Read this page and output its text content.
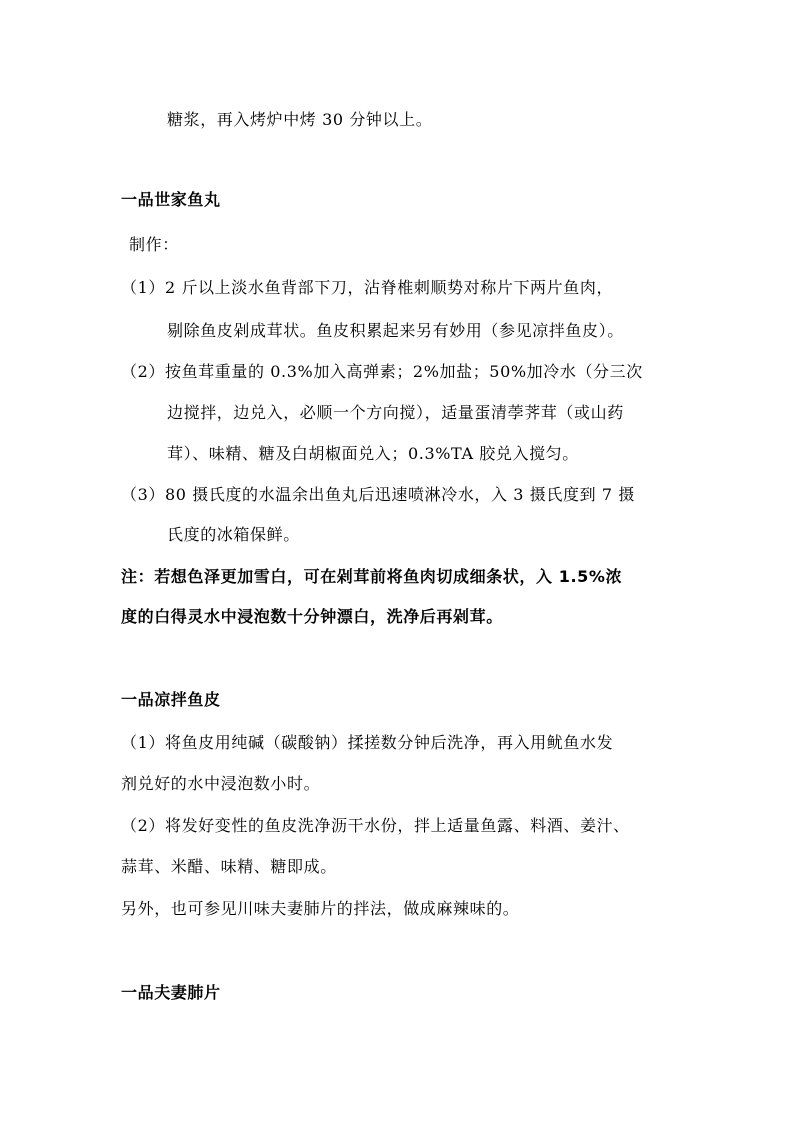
糖浆，再入烤炉中烤 30 分钟以上。
一品世家鱼丸
制作：
（1）2 斤以上淡水鱼背部下刀，沾脊椎刺顺势对称片下两片鱼肉，
剔除鱼皮剁成茸状。鱼皮积累起来另有妙用（参见凉拌鱼皮）。
（2）按鱼茸重量的 0.3%加入高弹素；2%加盐；50%加冷水（分三次
边搅拌，边兑入，必顺一个方向搅），适量蛋清荸荠茸（或山药
茸）、味精、糖及白胡椒面兑入；0.3%TA 胶兑入搅匀。
（3）80 摄氏度的水温余出鱼丸后迅速喷淋冷水，入 3 摄氏度到 7 摄
氏度的冰箱保鲜。
注：若想色泽更加雪白，可在剁茸前将鱼肉切成细条状，入 1.5%浓
度的白得灵水中浸泡数十分钟漂白，洗净后再剁茸。
一品凉拌鱼皮
（1）将鱼皮用纯碱（碳酸钠）揉搓数分钟后洗净，再入用鱿鱼水发
剂兑好的水中浸泡数小时。
（2）将发好变性的鱼皮洗净沥干水份，拌上适量鱼露、料酒、姜汁、
蒜茸、米醋、味精、糖即成。
另外，也可参见川味夫妻肺片的拌法，做成麻辣味的。
一品夫妻肺片
